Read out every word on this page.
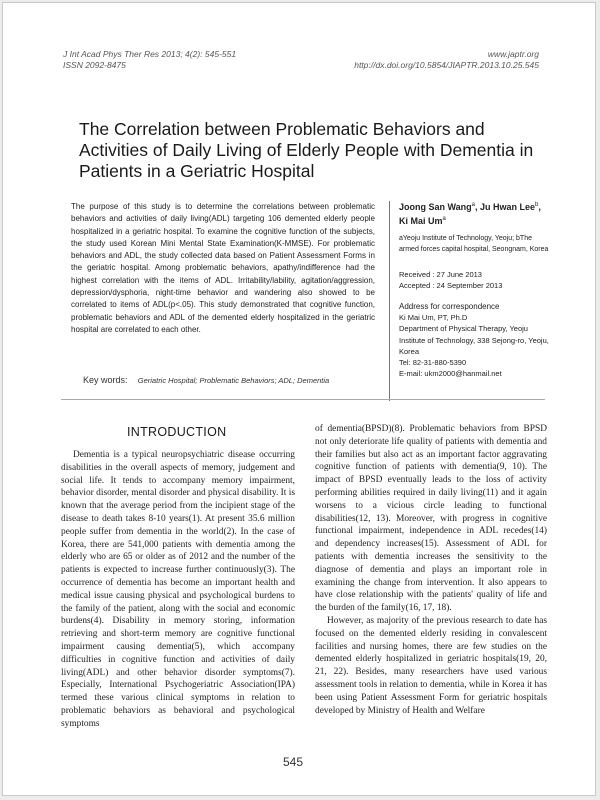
J Int Acad Phys Ther Res 2013; 4(2): 545-551
ISSN 2092-8475
www.japtr.org
http://dx.doi.org/10.5854/JIAPTR.2013.10.25.545
The Correlation between Problematic Behaviors and Activities of Daily Living of Elderly People with Dementia in Patients in a Geriatric Hospital

The purpose of this study is to determine the correlations between problematic behaviors and activities of daily living(ADL) targeting 106 demented elderly people hospitalized in a geriatric hospital. To examine the cognitive function of the subjects, the study used Korean Mini Mental State Examination(K-MMSE). For problematic behaviors and ADL, the study collected data based on Patient Assessment Forms in the geriatric hospital. Among problematic behaviors, apathy/indifference had the highest correlation with the items of ADL. Irritability/lability, agitation/aggression, depression/dysphoria, night-time behavior and wandering also showed to be correlated to items of ADL(p<.05). This study demonstrated that cognitive function, problematic behaviors and ADL of the demented elderly hospitalized in the geriatric hospital are correlated to each other.

Key words: Geriatric Hospital; Problematic Behaviors; ADL; Dementia

Joong San Wang$^a$, Ju Hwan Lee$^b$, Ki Mai Um$^a$

aYeoju Institute of Technology, Yeoju; bThe armed forces capital hospital, Seongnam, Korea

Received : 27 June 2013
Accepted : 24 September 2013
Address for correspondence
Ki Mai Um, PT, Ph.D
Department of Physical Therapy, Yeoju Institute of Technology, 338 Sejong-ro, Yeoju, Korea
Tel: 82-31-880-5390
E-mail: ukm2000@hanmail.net
INTRODUCTION

Dementia is a typical neuropsychiatric disease occurring disabilities in the overall aspects of memory, judgement and social life. It tends to accompany memory impairment, behavior disorder, mental disorder and physical disability. It is known that the average period from the incipient stage of the disease to death takes 8-10 years(1). At present 35.6 million people suffer from dementia in the world(2). In the case of Korea, there are 541,000 patients with dementia among the elderly who are 65 or older as of 2012 and the number of the patients is expected to increase further continuously(3). The occurrence of dementia has become an important health and medical issue causing physical and psychological burdens to the family of the patient, along with the social and economic burdens(4). Disability in memory storing, information retrieving and short-term memory are cognitive functional impairment causing dementia(5), which accompany difficulties in cognitive function and activities of daily living(ADL) and other behavior disorder symptoms(7). Especially, International Psychogeriatric Association(IPA) termed these various clinical symptoms in relation to problematic behaviors as behavioral and psychological symptoms

of dementia(BPSD)(8). Problematic behaviors from BPSD not only deteriorate life quality of patients with dementia and their families but also act as an important factor aggravating cognitive function of patients with dementia(9, 10). The impact of BPSD eventually leads to the loss of activity performing abilities required in daily living(11) and it again worsens to a vicious circle leading to functional disabilities(12, 13). Moreover, with progress in cognitive functional impairment, independence in ADL recedes(14) and dependency increases(15). Assessment of ADL for patients with dementia increases the sensitivity to the diagnose of dementia and plays an important role in examining the change from intervention. It also appears to have close relationship with the patients' quality of life and the burden of the family(16, 17, 18).

However, as majority of the previous research to date has focused on the demented elderly residing in convalescent facilities and nursing homes, there are few studies on the demented elderly hospitalized in geriatric hospitals(19, 20, 21, 22). Besides, many researchers have used various assessment tools in relation to dementia, while in Korea it has been using Patient Assessment Form for geriatric hospitals developed by Ministry of Health and Welfare

545
